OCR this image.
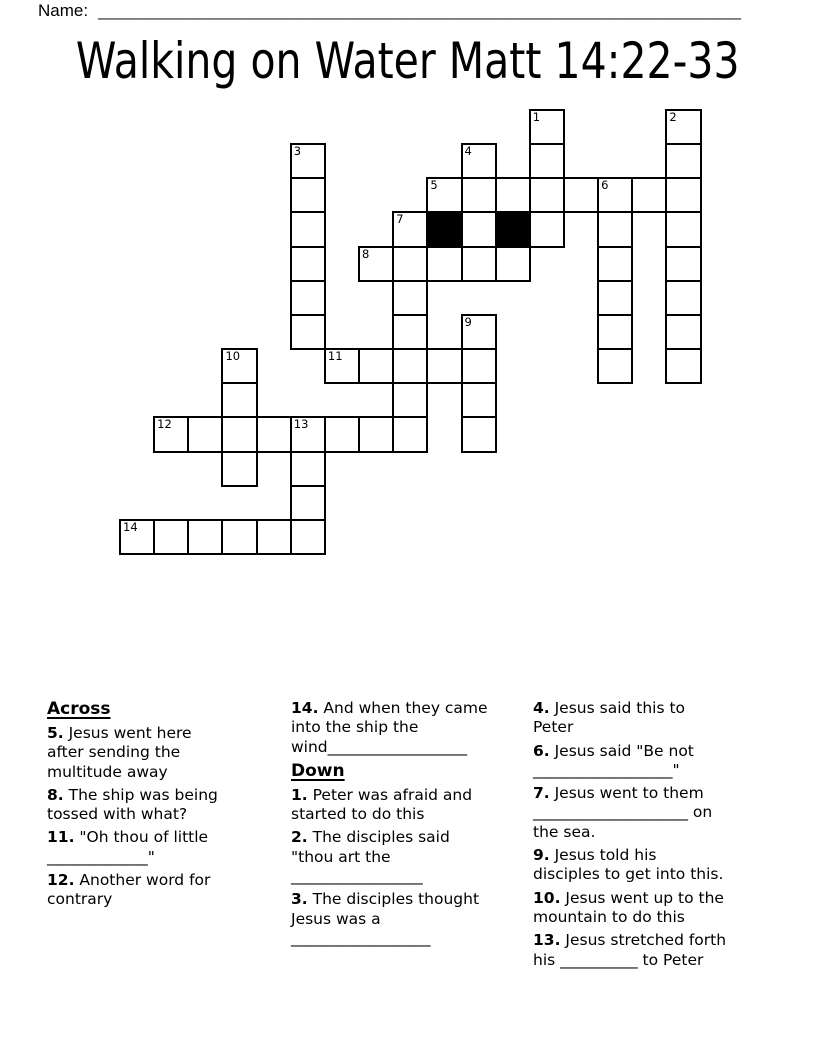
Name: ____________________________________________________________________
Walking on Water Matt 14:22-33
1	2
3	4
5	6
7
8
9
10	11
12	13
14
Across
5. Jesus went here
after sending the
multitude away
8. The ship was being
tossed with what?
11. "Oh thou of little
_____________"
12. Another word for
contrary
14. And when they came
into the ship the
wind__________________
Down
1. Peter was afraid and
started to do this
2. The disciples said
"thou art the
_________________
3. The disciples thought
Jesus was a
__________________
4. Jesus said this to
Peter
6. Jesus said "Be not
__________________"
7. Jesus went to them
____________________ on
the sea.
9. Jesus told his
disciples to get into this.
10. Jesus went up to the
mountain to do this
13. Jesus stretched forth
his __________ to Peter
